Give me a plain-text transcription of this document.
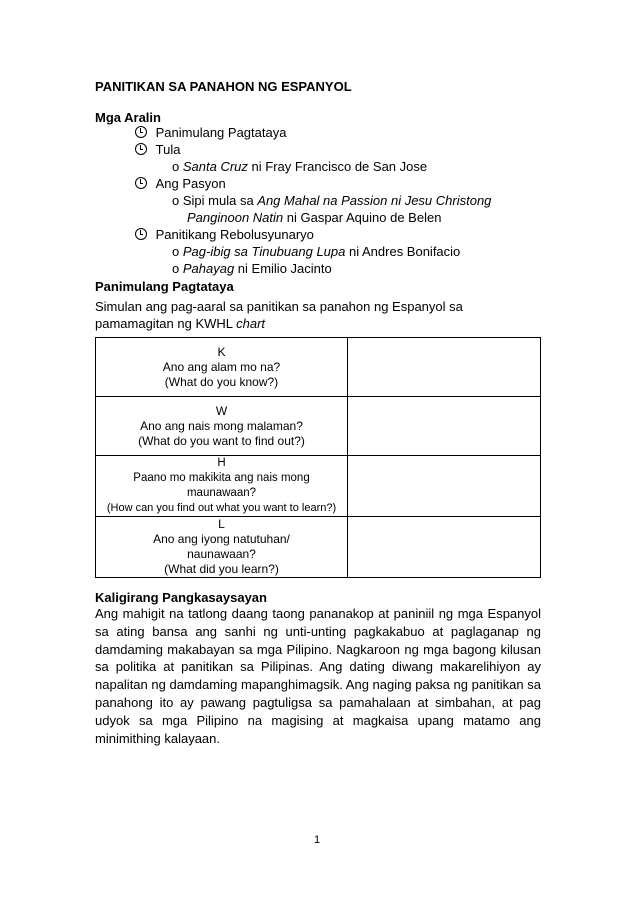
PANITIKAN SA PANAHON NG ESPANYOL
Mga Aralin
Panimulang Pagtataya
Tula
o Santa Cruz ni Fray Francisco de San Jose
Ang Pasyon
o Sipi mula sa Ang Mahal na Passion ni Jesu Christong
Panginoon Natin ni Gaspar Aquino de Belen
Panitikang Rebolusyunaryo
o Pag-ibig sa Tinubuang Lupa ni Andres Bonifacio
o Pahayag ni Emilio Jacinto
Panimulang Pagtataya
Simulan ang pag-aaral sa panitikan sa panahon ng Espanyol sa
pamamagitan ng KWHL chart
K
Ano ang alam mo na?
(What do you know?)	

W
Ano ang nais mong malaman?
(What do you want to find out?)	

H
Paano mo makikita ang nais mong
maunawaan?
(How can you find out what you want to learn?)	

L
Ano ang iyong natutuhan/
naunawaan?
(What did you learn?)	

Kaligirang Pangkasaysayan
Ang mahigit na tatlong daang taong pananakop at paniniil ng mga Espanyol
sa ating bansa ang sanhi ng unti-unting pagkakabuo at paglaganap ng
damdaming makabayan sa mga Pilipino. Nagkaroon ng mga bagong kilusan
sa politika at panitikan sa Pilipinas. Ang dating diwang makarelihiyon ay
napalitan ng damdaming mapanghimagsik. Ang naging paksa ng panitikan sa
panahong ito ay pawang pagtuligsa sa pamahalaan at simbahan, at pag
udyok sa mga Pilipino na magising at magkaisa upang matamo ang
minimithing kalayaan.
1
